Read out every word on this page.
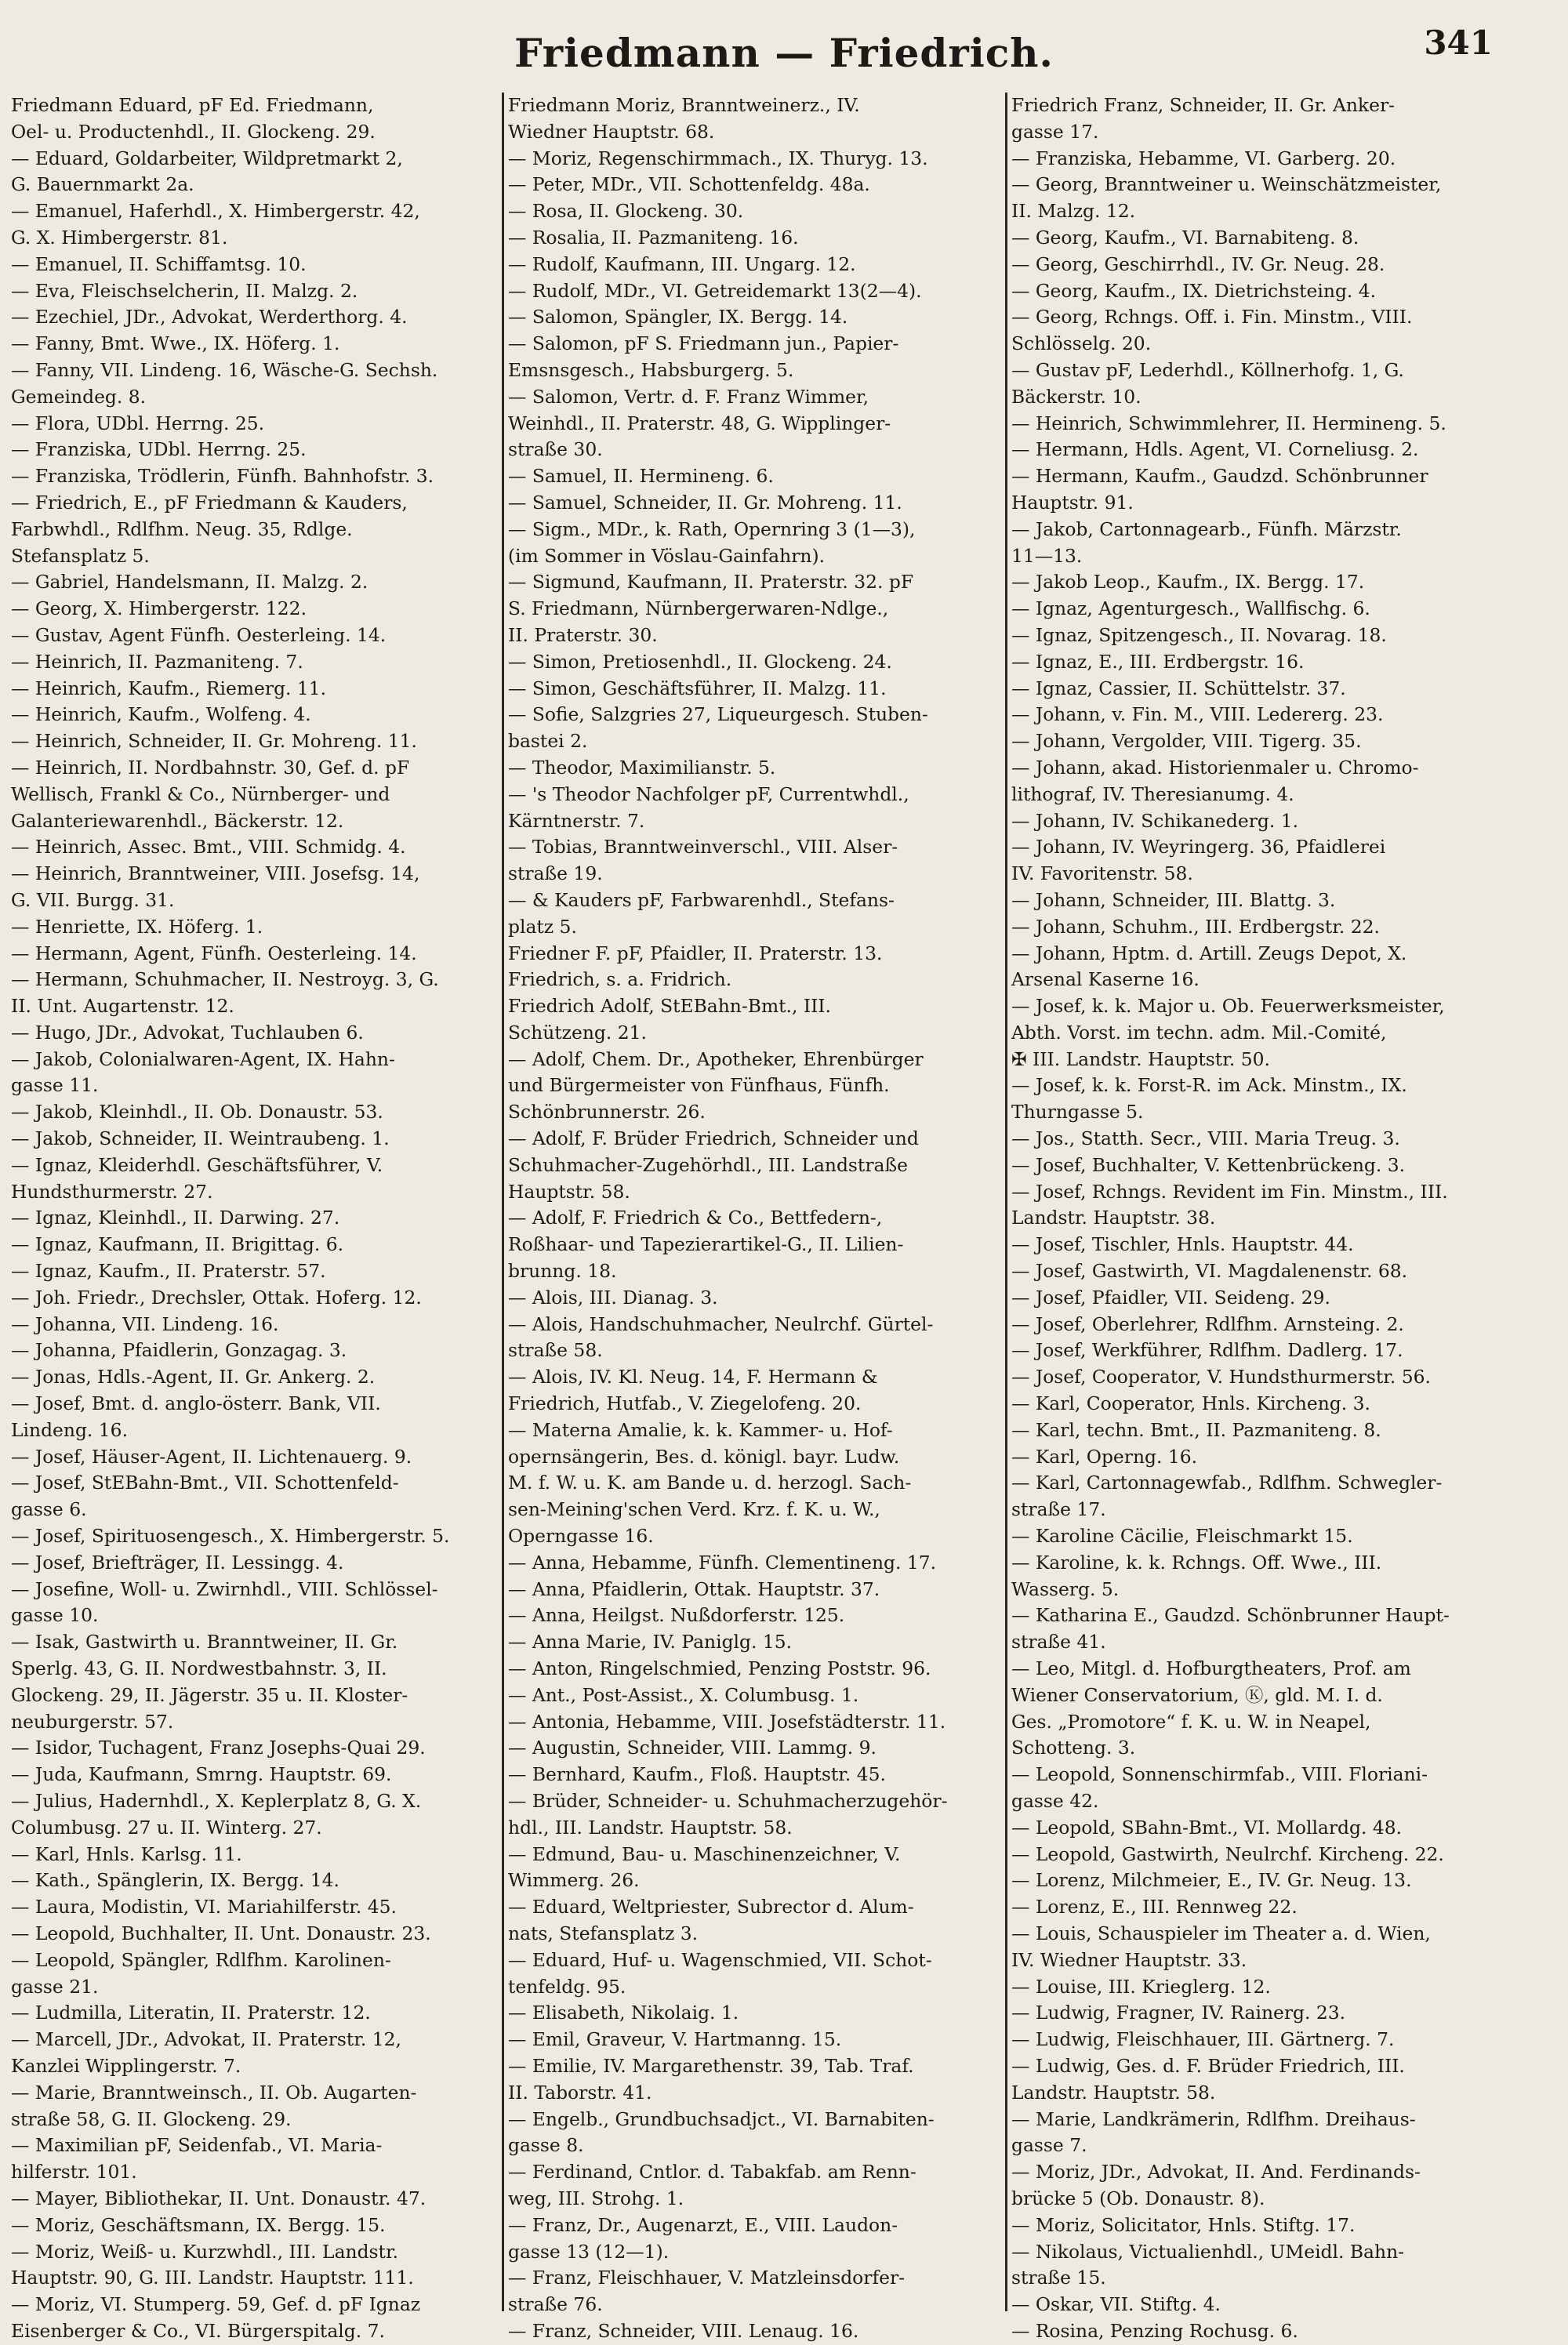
Friedmann — Friedrich.	341
Friedmann Eduard, pF Ed. Friedmann,
Oel- u. Productenhdl., II. Glockeng. 29.
— Eduard, Goldarbeiter, Wildpretmarkt 2,
G. Bauernmarkt 2a.
— Emanuel, Haferhdl., X. Himbergerstr. 42,
G. X. Himbergerstr. 81.
— Emanuel, II. Schiffamtsg. 10.
— Eva, Fleischselcherin, II. Malzg. 2.
— Ezechiel, JDr., Advokat, Werderthorg. 4.
— Fanny, Bmt. Wwe., IX. Höferg. 1.
— Fanny, VII. Lindeng. 16, Wäsche-G. Sechsh.
Gemeindeg. 8.
— Flora, UDbl. Herrng. 25.
— Franziska, UDbl. Herrng. 25.
— Franziska, Trödlerin, Fünfh. Bahnhofstr. 3.
— Friedrich, E., pF Friedmann & Kauders,
Farbwhdl., Rdlfhm. Neug. 35, Rdlge.
Stefansplatz 5.
— Gabriel, Handelsmann, II. Malzg. 2.
— Georg, X. Himbergerstr. 122.
— Gustav, Agent Fünfh. Oesterleing. 14.
— Heinrich, II. Pazmaniteng. 7.
— Heinrich, Kaufm., Riemerg. 11.
— Heinrich, Kaufm., Wolfeng. 4.
— Heinrich, Schneider, II. Gr. Mohreng. 11.
— Heinrich, II. Nordbahnstr. 30, Gef. d. pF
Wellisch, Frankl & Co., Nürnberger- und
Galanteriewarenhdl., Bäckerstr. 12.
— Heinrich, Assec. Bmt., VIII. Schmidg. 4.
— Heinrich, Branntweiner, VIII. Josefsg. 14,
G. VII. Burgg. 31.
— Henriette, IX. Höferg. 1.
— Hermann, Agent, Fünfh. Oesterleing. 14.
— Hermann, Schuhmacher, II. Nestroyg. 3, G.
II. Unt. Augartenstr. 12.
— Hugo, JDr., Advokat, Tuchlauben 6.
— Jakob, Colonialwaren-Agent, IX. Hahn-
gasse 11.
— Jakob, Kleinhdl., II. Ob. Donaustr. 53.
— Jakob, Schneider, II. Weintraubeng. 1.
— Ignaz, Kleiderhdl. Geschäftsführer, V.
Hundsthurmerstr. 27.
— Ignaz, Kleinhdl., II. Darwing. 27.
— Ignaz, Kaufmann, II. Brigittag. 6.
— Ignaz, Kaufm., II. Praterstr. 57.
— Joh. Friedr., Drechsler, Ottak. Hoferg. 12.
— Johanna, VII. Lindeng. 16.
— Johanna, Pfaidlerin, Gonzagag. 3.
— Jonas, Hdls.-Agent, II. Gr. Ankerg. 2.
— Josef, Bmt. d. anglo-österr. Bank, VII.
Lindeng. 16.
— Josef, Häuser-Agent, II. Lichtenauerg. 9.
— Josef, StEBahn-Bmt., VII. Schottenfeld-
gasse 6.
— Josef, Spirituosengesch., X. Himbergerstr. 5.
— Josef, Briefträger, II. Lessingg. 4.
— Josefine, Woll- u. Zwirnhdl., VIII. Schlössel-
gasse 10.
— Isak, Gastwirth u. Branntweiner, II. Gr.
Sperlg. 43, G. II. Nordwestbahnstr. 3, II.
Glockeng. 29, II. Jägerstr. 35 u. II. Kloster-
neuburgerstr. 57.
— Isidor, Tuchagent, Franz Josephs-Quai 29.
— Juda, Kaufmann, Smrng. Hauptstr. 69.
— Julius, Hadernhdl., X. Keplerplatz 8, G. X.
Columbusg. 27 u. II. Winterg. 27.
— Karl, Hnls. Karlsg. 11.
— Kath., Spänglerin, IX. Bergg. 14.
— Laura, Modistin, VI. Mariahilferstr. 45.
— Leopold, Buchhalter, II. Unt. Donaustr. 23.
— Leopold, Spängler, Rdlfhm. Karolinen-
gasse 21.
— Ludmilla, Literatin, II. Praterstr. 12.
— Marcell, JDr., Advokat, II. Praterstr. 12,
Kanzlei Wipplingerstr. 7.
— Marie, Branntweinsch., II. Ob. Augarten-
straße 58, G. II. Glockeng. 29.
— Maximilian pF, Seidenfab., VI. Maria-
hilferstr. 101.
— Mayer, Bibliothekar, II. Unt. Donaustr. 47.
— Moriz, Geschäftsmann, IX. Bergg. 15.
— Moriz, Weiß- u. Kurzwhdl., III. Landstr.
Hauptstr. 90, G. III. Landstr. Hauptstr. 111.
— Moriz, VI. Stumperg. 59, Gef. d. pF Ignaz
Eisenberger & Co., VI. Bürgerspitalg. 7.
Friedmann Moriz, Branntweinerz., IV.
Wiedner Hauptstr. 68.
— Moriz, Regenschirmmach., IX. Thuryg. 13.
— Peter, MDr., VII. Schottenfeldg. 48a.
— Rosa, II. Glockeng. 30.
— Rosalia, II. Pazmaniteng. 16.
— Rudolf, Kaufmann, III. Ungarg. 12.
— Rudolf, MDr., VI. Getreidemarkt 13(2—4).
— Salomon, Spängler, IX. Bergg. 14.
— Salomon, pF S. Friedmann jun., Papier-
Emsnsgesch., Habsburgerg. 5.
— Salomon, Vertr. d. F. Franz Wimmer,
Weinhdl., II. Praterstr. 48, G. Wipplinger-
straße 30.
— Samuel, II. Hermineng. 6.
— Samuel, Schneider, II. Gr. Mohreng. 11.
— Sigm., MDr., k. Rath, Opernring 3 (1—3),
(im Sommer in Vöslau-Gainfahrn).
— Sigmund, Kaufmann, II. Praterstr. 32. pF
S. Friedmann, Nürnbergerwaren-Ndlge.,
II. Praterstr. 30.
— Simon, Pretiosenhdl., II. Glockeng. 24.
— Simon, Geschäftsführer, II. Malzg. 11.
— Sofie, Salzgries 27, Liqueurgesch. Stuben-
bastei 2.
— Theodor, Maximilianstr. 5.
— 's Theodor Nachfolger pF, Currentwhdl.,
Kärntnerstr. 7.
— Tobias, Branntweinverschl., VIII. Alser-
straße 19.
— & Kauders pF, Farbwarenhdl., Stefans-
platz 5.
Friedner F. pF, Pfaidler, II. Praterstr. 13.
Friedrich, s. a. Fridrich.
Friedrich Adolf, StEBahn-Bmt., III.
Schützeng. 21.
— Adolf, Chem. Dr., Apotheker, Ehrenbürger
und Bürgermeister von Fünfhaus, Fünfh.
Schönbrunnerstr. 26.
— Adolf, F. Brüder Friedrich, Schneider und
Schuhmacher-Zugehörhdl., III. Landstraße
Hauptstr. 58.
— Adolf, F. Friedrich & Co., Bettfedern-,
Roßhaar- und Tapezierartikel-G., II. Lilien-
brunng. 18.
— Alois, III. Dianag. 3.
— Alois, Handschuhmacher, Neulrchf. Gürtel-
straße 58.
— Alois, IV. Kl. Neug. 14, F. Hermann &
Friedrich, Hutfab., V. Ziegelofeng. 20.
— Materna Amalie, k. k. Kammer- u. Hof-
opernsängerin, Bes. d. königl. bayr. Ludw.
M. f. W. u. K. am Bande u. d. herzogl. Sach-
sen-Meining'schen Verd. Krz. f. K. u. W.,
Operngasse 16.
— Anna, Hebamme, Fünfh. Clementineng. 17.
— Anna, Pfaidlerin, Ottak. Hauptstr. 37.
— Anna, Heilgst. Nußdorferstr. 125.
— Anna Marie, IV. Paniglg. 15.
— Anton, Ringelschmied, Penzing Poststr. 96.
— Ant., Post-Assist., X. Columbusg. 1.
— Antonia, Hebamme, VIII. Josefstädterstr. 11.
— Augustin, Schneider, VIII. Lammg. 9.
— Bernhard, Kaufm., Floß. Hauptstr. 45.
— Brüder, Schneider- u. Schuhmacherzugehör-
hdl., III. Landstr. Hauptstr. 58.
— Edmund, Bau- u. Maschinenzeichner, V.
Wimmerg. 26.
— Eduard, Weltpriester, Subrector d. Alum-
nats, Stefansplatz 3.
— Eduard, Huf- u. Wagenschmied, VII. Schot-
tenfeldg. 95.
— Elisabeth, Nikolaig. 1.
— Emil, Graveur, V. Hartmanng. 15.
— Emilie, IV. Margarethenstr. 39, Tab. Traf.
II. Taborstr. 41.
— Engelb., Grundbuchsadjct., VI. Barnabiten-
gasse 8.
— Ferdinand, Cntlor. d. Tabakfab. am Renn-
weg, III. Strohg. 1.
— Franz, Dr., Augenarzt, E., VIII. Laudon-
gasse 13 (12—1).
— Franz, Fleischhauer, V. Matzleinsdorfer-
straße 76.
— Franz, Schneider, VIII. Lenaug. 16.
Friedrich Franz, Schneider, II. Gr. Anker-
gasse 17.
— Franziska, Hebamme, VI. Garberg. 20.
— Georg, Branntweiner u. Weinschätzmeister,
II. Malzg. 12.
— Georg, Kaufm., VI. Barnabiteng. 8.
— Georg, Geschirrhdl., IV. Gr. Neug. 28.
— Georg, Kaufm., IX. Dietrichsteing. 4.
— Georg, Rchngs. Off. i. Fin. Minstm., VIII.
Schlösselg. 20.
— Gustav pF, Lederhdl., Köllnerhofg. 1, G.
Bäckerstr. 10.
— Heinrich, Schwimmlehrer, II. Hermineng. 5.
— Hermann, Hdls. Agent, VI. Corneliusg. 2.
— Hermann, Kaufm., Gaudzd. Schönbrunner
Hauptstr. 91.
— Jakob, Cartonnagearb., Fünfh. Märzstr.
11—13.
— Jakob Leop., Kaufm., IX. Bergg. 17.
— Ignaz, Agenturgesch., Wallfischg. 6.
— Ignaz, Spitzengesch., II. Novarag. 18.
— Ignaz, E., III. Erdbergstr. 16.
— Ignaz, Cassier, II. Schüttelstr. 37.
— Johann, v. Fin. M., VIII. Ledererg. 23.
— Johann, Vergolder, VIII. Tigerg. 35.
— Johann, akad. Historienmaler u. Chromo-
lithograf, IV. Theresianumg. 4.
— Johann, IV. Schikanederg. 1.
— Johann, IV. Weyringerg. 36, Pfaidlerei
IV. Favoritenstr. 58.
— Johann, Schneider, III. Blattg. 3.
— Johann, Schuhm., III. Erdbergstr. 22.
— Johann, Hptm. d. Artill. Zeugs Depot, X.
Arsenal Kaserne 16.
— Josef, k. k. Major u. Ob. Feuerwerksmeister,
Abth. Vorst. im techn. adm. Mil.-Comité,
✠ III. Landstr. Hauptstr. 50.
— Josef, k. k. Forst-R. im Ack. Minstm., IX.
Thurngasse 5.
— Jos., Statth. Secr., VIII. Maria Treug. 3.
— Josef, Buchhalter, V. Kettenbrückeng. 3.
— Josef, Rchngs. Revident im Fin. Minstm., III.
Landstr. Hauptstr. 38.
— Josef, Tischler, Hnls. Hauptstr. 44.
— Josef, Gastwirth, VI. Magdalenenstr. 68.
— Josef, Pfaidler, VII. Seideng. 29.
— Josef, Oberlehrer, Rdlfhm. Arnsteing. 2.
— Josef, Werkführer, Rdlfhm. Dadlerg. 17.
— Josef, Cooperator, V. Hundsthurmerstr. 56.
— Karl, Cooperator, Hnls. Kircheng. 3.
— Karl, techn. Bmt., II. Pazmaniteng. 8.
— Karl, Operng. 16.
— Karl, Cartonnagewfab., Rdlfhm. Schwegler-
straße 17.
— Karoline Cäcilie, Fleischmarkt 15.
— Karoline, k. k. Rchngs. Off. Wwe., III.
Wasserg. 5.
— Katharina E., Gaudzd. Schönbrunner Haupt-
straße 41.
— Leo, Mitgl. d. Hofburgtheaters, Prof. am
Wiener Conservatorium, Ⓚ, gld. M. I. d.
Ges. „Promotore“ f. K. u. W. in Neapel,
Schotteng. 3.
— Leopold, Sonnenschirmfab., VIII. Floriani-
gasse 42.
— Leopold, SBahn-Bmt., VI. Mollardg. 48.
— Leopold, Gastwirth, Neulrchf. Kircheng. 22.
— Lorenz, Milchmeier, E., IV. Gr. Neug. 13.
— Lorenz, E., III. Rennweg 22.
— Louis, Schauspieler im Theater a. d. Wien,
IV. Wiedner Hauptstr. 33.
— Louise, III. Krieglerg. 12.
— Ludwig, Fragner, IV. Rainerg. 23.
— Ludwig, Fleischhauer, III. Gärtnerg. 7.
— Ludwig, Ges. d. F. Brüder Friedrich, III.
Landstr. Hauptstr. 58.
— Marie, Landkrämerin, Rdlfhm. Dreihaus-
gasse 7.
— Moriz, JDr., Advokat, II. And. Ferdinands-
brücke 5 (Ob. Donaustr. 8).
— Moriz, Solicitator, Hnls. Stiftg. 17.
— Nikolaus, Victualienhdl., UMeidl. Bahn-
straße 15.
— Oskar, VII. Stiftg. 4.
— Rosina, Penzing Rochusg. 6.
